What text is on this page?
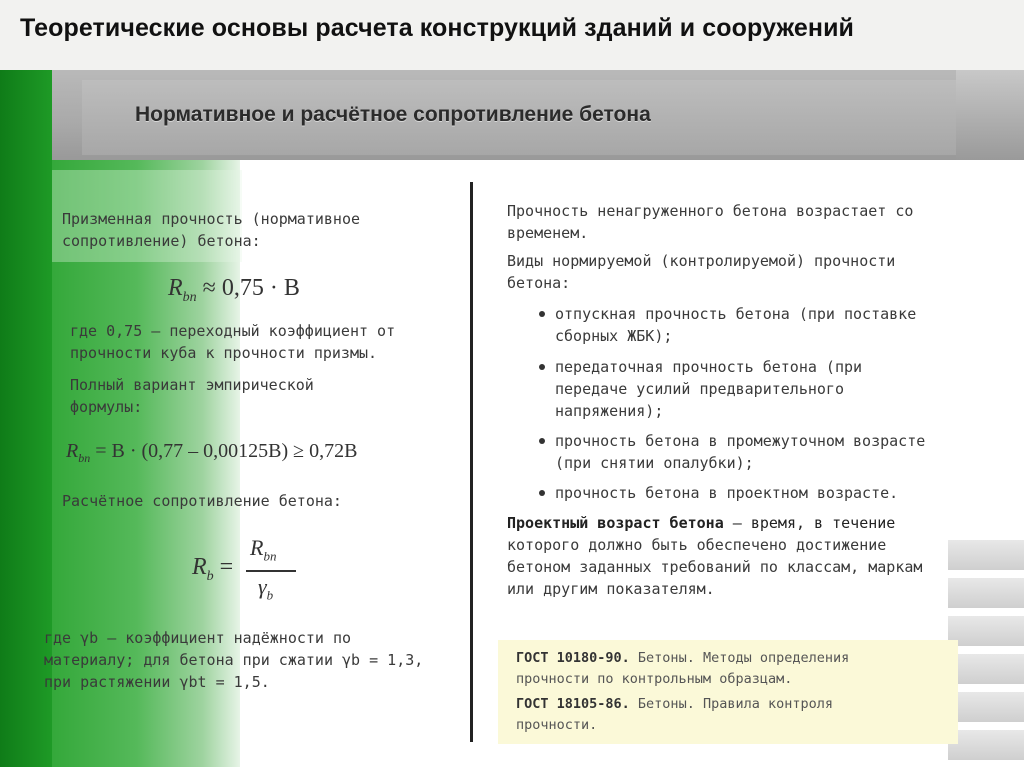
Теоретические основы расчета конструкций зданий и сооружений
Нормативное и расчётное сопротивление бетона
Призменная прочность (нормативное
сопротивление) бетона:
$R_{bn} \approx 0,75 \cdot B$
где 0,75 – переходный коэффициент от
прочности куба к прочности призмы.
Полный вариант эмпирической
формулы:
$R_{bn} = B \cdot (0,77 - 0,00125B) \ge 0,72B$
Расчётное сопротивление бетона:
$R_b$ =
$R_{bn}$
$\gamma_b$
где γb – коэффициент надёжности по
материалу; для бетона при сжатии γb = 1,3,
при растяжении γbt = 1,5.
Прочность ненагруженного бетона возрастает со
временем.
Виды нормируемой (контролируемой) прочности
бетона:
отпускная прочность бетона (при поставке
сборных ЖБК);
передаточная прочность бетона (при
передаче усилий предварительного
напряжения);
прочность бетона в промежуточном возрасте
(при снятии опалубки);
прочность бетона в проектном возрасте.
Проектный возраст бетона – время, в течение
которого должно быть обеспечено достижение
бетоном заданных требований по классам, маркам
или другим показателям.
ГОСТ 10180-90. Бетоны. Методы определения
прочности по контрольным образцам.
ГОСТ 18105-86. Бетоны. Правила контроля
прочности.
